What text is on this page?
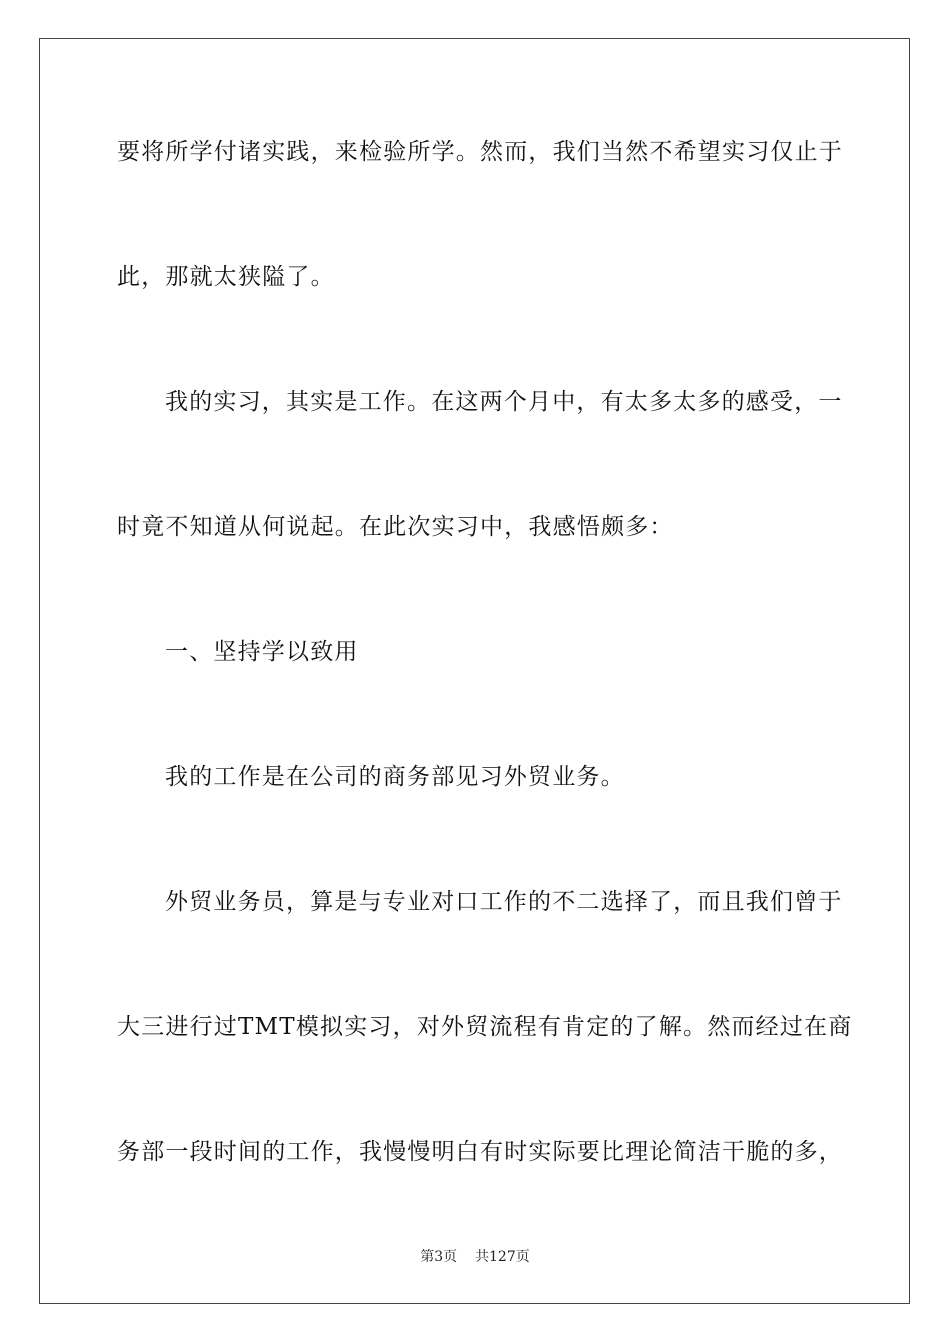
要将所学付诸实践，来检验所学。然而，我们当然不希望实习仅止于
此，那就太狭隘了。
我的实习，其实是工作。在这两个月中，有太多太多的感受，一
时竟不知道从何说起。在此次实习中，我感悟颇多：
一、坚持学以致用
我的工作是在公司的商务部见习外贸业务。
外贸业务员，算是与专业对口工作的不二选择了，而且我们曾于
大三进行过TMT模拟实习，对外贸流程有肯定的了解。然而经过在商
务部一段时间的工作，我慢慢明白有时实际要比理论简洁干脆的多，
第3页 共127页
